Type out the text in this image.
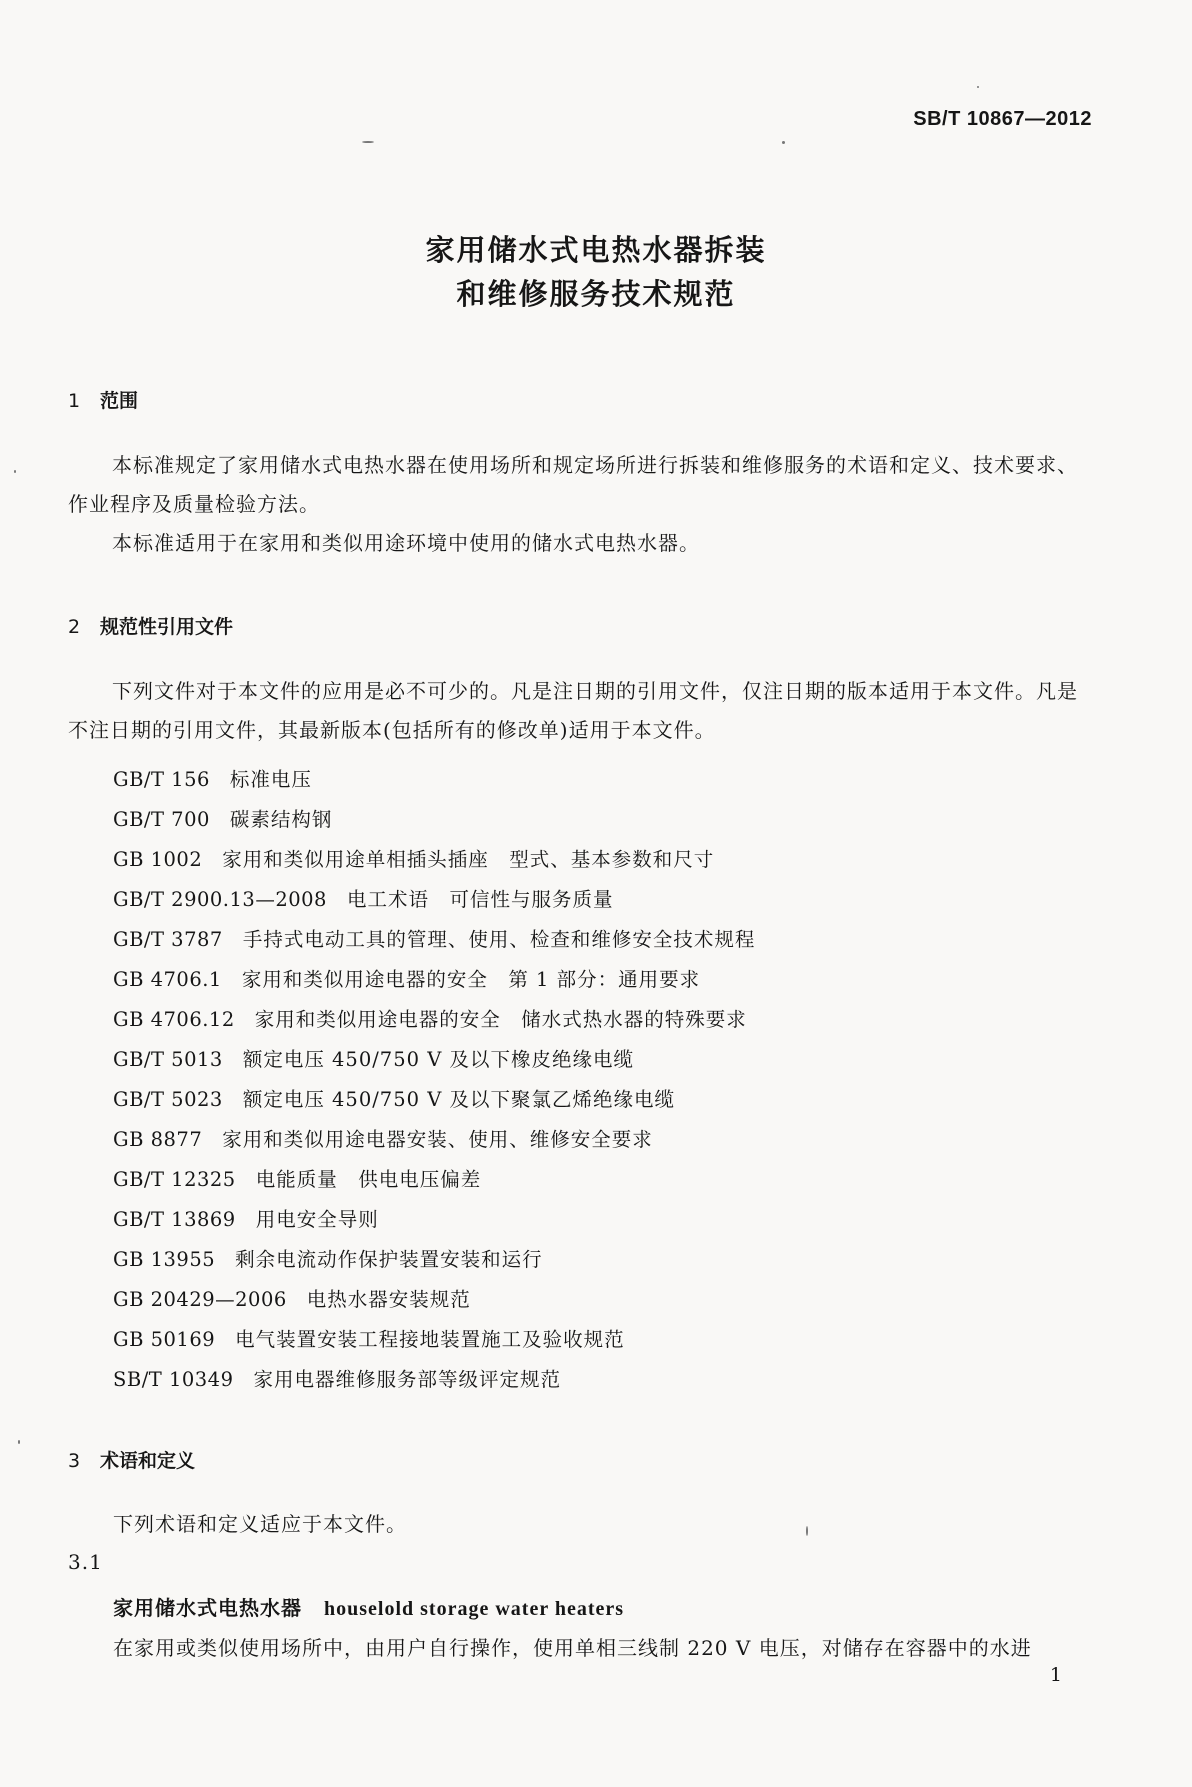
SB/T 10867—2012
家用储水式电热水器拆装
和维修服务技术规范
1 范围

本标准规定了家用储水式电热水器在使用场所和规定场所进行拆装和维修服务的术语和定义、技术要求、作业程序及质量检验方法。

本标准适用于在家用和类似用途环境中使用的储水式电热水器。

2 规范性引用文件

下列文件对于本文件的应用是必不可少的。凡是注日期的引用文件，仅注日期的版本适用于本文件。凡是不注日期的引用文件，其最新版本(包括所有的修改单)适用于本文件。

GB/T 156 标准电压
GB/T 700 碳素结构钢
GB 1002 家用和类似用途单相插头插座　型式、基本参数和尺寸
GB/T 2900.13—2008 电工术语　可信性与服务质量
GB/T 3787 手持式电动工具的管理、使用、检查和维修安全技术规程
GB 4706.1 家用和类似用途电器的安全　第 1 部分：通用要求
GB 4706.12 家用和类似用途电器的安全　储水式热水器的特殊要求
GB/T 5013 额定电压 450/750 V 及以下橡皮绝缘电缆
GB/T 5023 额定电压 450/750 V 及以下聚氯乙烯绝缘电缆
GB 8877 家用和类似用途电器安装、使用、维修安全要求
GB/T 12325 电能质量　供电电压偏差
GB/T 13869 用电安全导则
GB 13955 剩余电流动作保护装置安装和运行
GB 20429—2006 电热水器安装规范
GB 50169 电气装置安装工程接地装置施工及验收规范
SB/T 10349 家用电器维修服务部等级评定规范
3 术语和定义
下列术语和定义适应于本文件。
3.1
家用储水式电热水器 houselold storage water heaters
在家用或类似使用场所中，由用户自行操作，使用单相三线制 220 V 电压，对储存在容器中的水进
1
